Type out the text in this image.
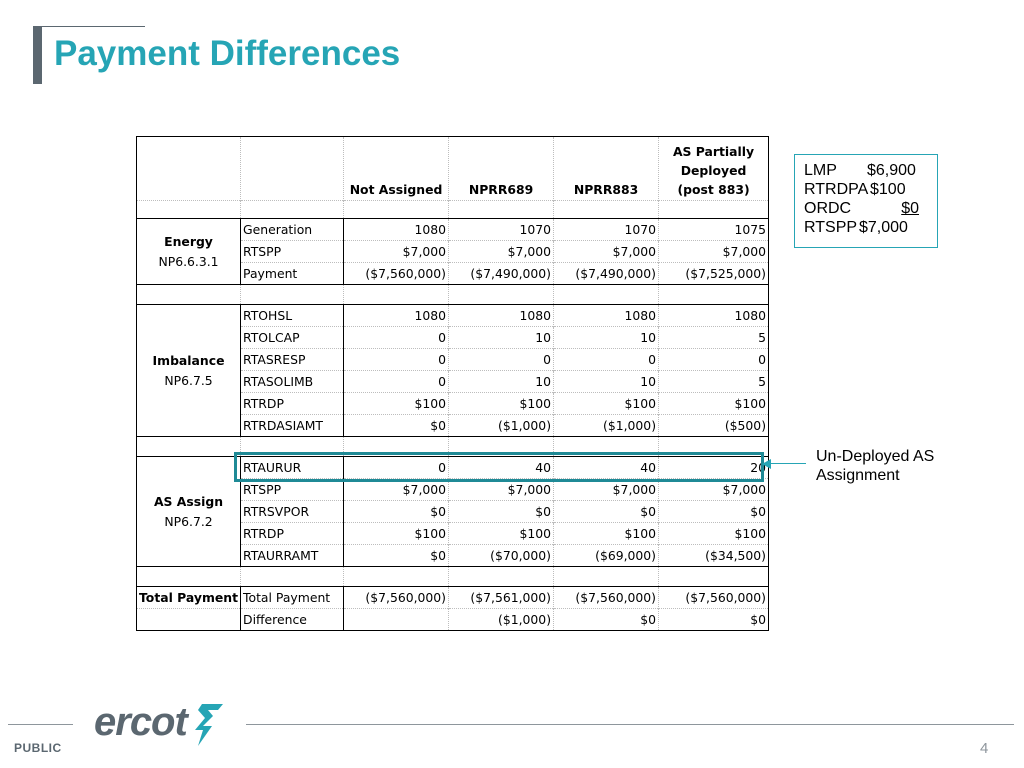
Payment Differences
		Not Assigned	NPRR689	NPRR883	AS Partially Deployed (post 883)

Energy
NP6.6.3.1	Generation	1080	1070	1070	1075
	RTSPP	$7,000	$7,000	$7,000	$7,000
	Payment	($7,560,000)	($7,490,000)	($7,490,000)	($7,525,000)

Imbalance
NP6.7.5	RTOHSL	1080	1080	1080	1080
	RTOLCAP	0	10	10	5
	RTASRESP	0	0	0	0
	RTASOLIMB	0	10	10	5
	RTRDP	$100	$100	$100	$100
	RTRDASIAMT	$0	($1,000)	($1,000)	($500)

AS Assign
NP6.7.2	RTAURUR	0	40	40	20
	RTSPP	$7,000	$7,000	$7,000	$7,000
	RTRSVPOR	$0	$0	$0	$0
	RTRDP	$100	$100	$100	$100
	RTAURRAMT	$0	($70,000)	($69,000)	($34,500)

Total Payment	Total Payment	($7,560,000)	($7,561,000)	($7,560,000)	($7,560,000)
	Difference		($1,000)	$0	$0
LMP $6,900
RTRDPA $100
ORDC	$0
RTSPP $7,000
Un-Deployed AS Assignment
ercot
PUBLIC	4
